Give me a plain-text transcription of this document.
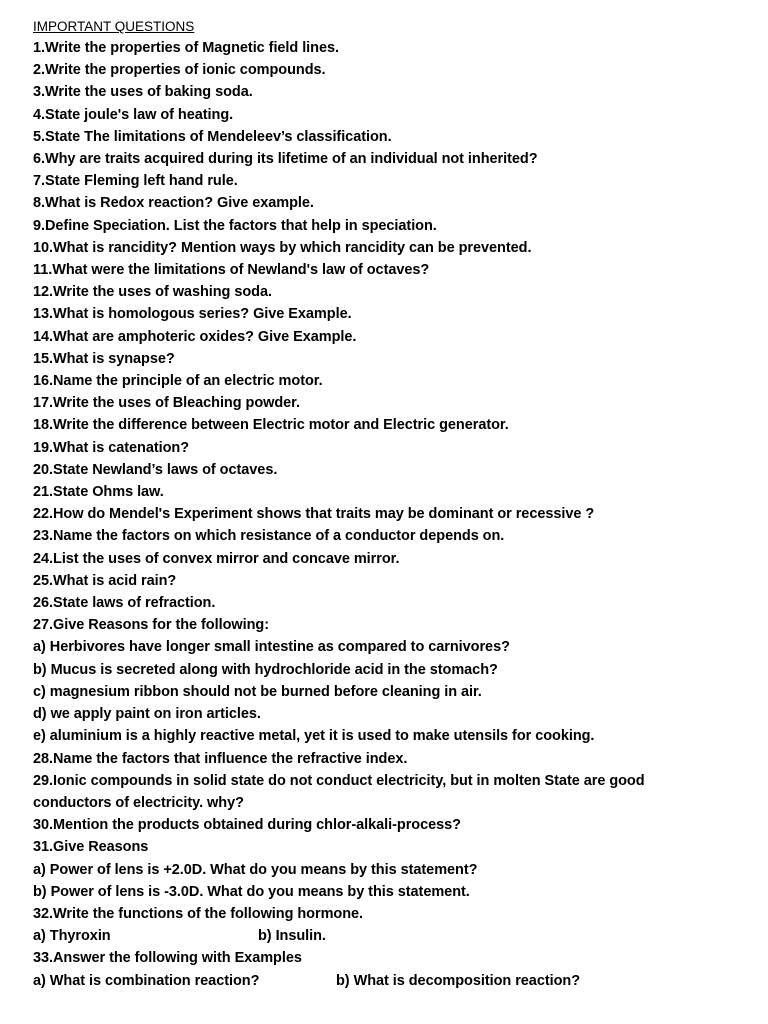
IMPORTANT QUESTIONS
1.Write the properties of Magnetic field lines.
2.Write the properties of ionic compounds.
3.Write the uses of baking soda.
4.State joule's law of heating.
5.State The limitations of Mendeleev’s classification.
6.Why are traits acquired during its lifetime of an individual not inherited?
7.State Fleming left hand rule.
8.What is Redox reaction? Give example.
9.Define Speciation. List the factors that help in speciation.
10.What is rancidity? Mention ways by which rancidity can be prevented.
11.What were the limitations of Newland's law of octaves?
12.Write the uses of washing soda.
13.What is homologous series? Give Example.
14.What are amphoteric oxides? Give Example.
15.What is synapse?
16.Name the principle of an electric motor.
17.Write the uses of Bleaching powder.
18.Write the difference between Electric motor and Electric generator.
19.What is catenation?
20.State Newland’s laws of octaves.
21.State Ohms law.
22.How do Mendel's Experiment shows that traits may be dominant or recessive ?
23.Name the factors on which resistance of a conductor depends on.
24.List the uses of convex mirror and concave mirror.
25.What is acid rain?
26.State laws of refraction.
27.Give Reasons for the following:
a) Herbivores have longer small intestine as compared to carnivores?
b) Mucus is secreted along with hydrochloride acid in the stomach?
c) magnesium ribbon should not be burned before cleaning in air.
d) we apply paint on iron articles.
e) aluminium is a highly reactive metal, yet it is used to make utensils for cooking.
28.Name the factors that influence the refractive index.
29.Ionic compounds in solid state do not conduct electricity, but in molten State are good
conductors of electricity. why?
30.Mention the products obtained during chlor-alkali-process?
31.Give Reasons
a) Power of lens is +2.0D. What do you means by this statement?
b) Power of lens is -3.0D. What do you means by this statement.
32.Write the functions of the following hormone.
a) Thyroxin	b) Insulin.
33.Answer the following with Examples
a) What is combination reaction?	b) What is decomposition reaction?
